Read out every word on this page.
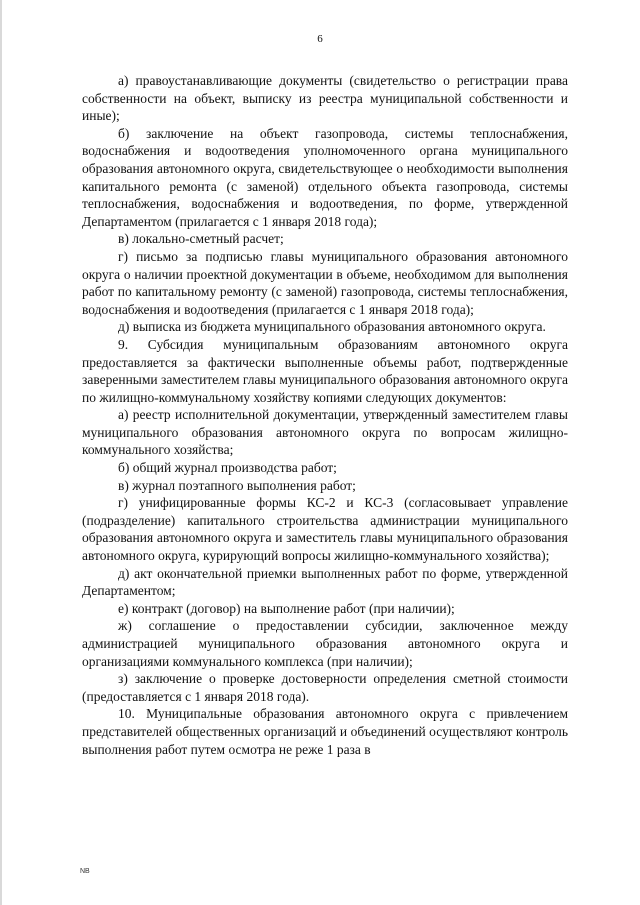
6

а) правоустанавливающие документы (свидетельство о регистрации права собственности на объект, выписку из реестра муниципальной собственности и иные);

б) заключение на объект газопровода, системы теплоснабжения, водоснабжения и водоотведения уполномоченного органа муниципального образования автономного округа, свидетельствующее о необходимости выполнения капитального ремонта (с заменой) отдельного объекта газопровода, системы теплоснабжения, водоснабжения и водоотведения, по форме, утвержденной Департаментом (прилагается с 1 января 2018 года);

в) локально-сметный расчет;

г) письмо за подписью главы муниципального образования автономного округа о наличии проектной документации в объеме, необходимом для выполнения работ по капитальному ремонту (с заменой) газопровода, системы теплоснабжения, водоснабжения и водоотведения (прилагается с 1 января 2018 года);

д) выписка из бюджета муниципального образования автономного округа.

9. Субсидия муниципальным образованиям автономного округа предоставляется за фактически выполненные объемы работ, подтвержденные заверенными заместителем главы муниципального образования автономного округа по жилищно-коммунальному хозяйству копиями следующих документов:

а) реестр исполнительной документации, утвержденный заместителем главы муниципального образования автономного округа по вопросам жилищно-коммунального хозяйства;

б) общий журнал производства работ;

в) журнал поэтапного выполнения работ;

г) унифицированные формы КС-2 и КС-3 (согласовывает управление (подразделение) капитального строительства администрации муниципального образования автономного округа и заместитель главы муниципального образования автономного округа, курирующий вопросы жилищно-коммунального хозяйства);

д) акт окончательной приемки выполненных работ по форме, утвержденной Департаментом;

е) контракт (договор) на выполнение работ (при наличии);

ж) соглашение о предоставлении субсидии, заключенное между администрацией муниципального образования автономного округа и организациями коммунального комплекса (при наличии);

з) заключение о проверке достоверности определения сметной стоимости (предоставляется с 1 января 2018 года).

10. Муниципальные образования автономного округа с привлечением представителей общественных организаций и объединений осуществляют контроль выполнения работ путем осмотра не реже 1 раза в

NB
